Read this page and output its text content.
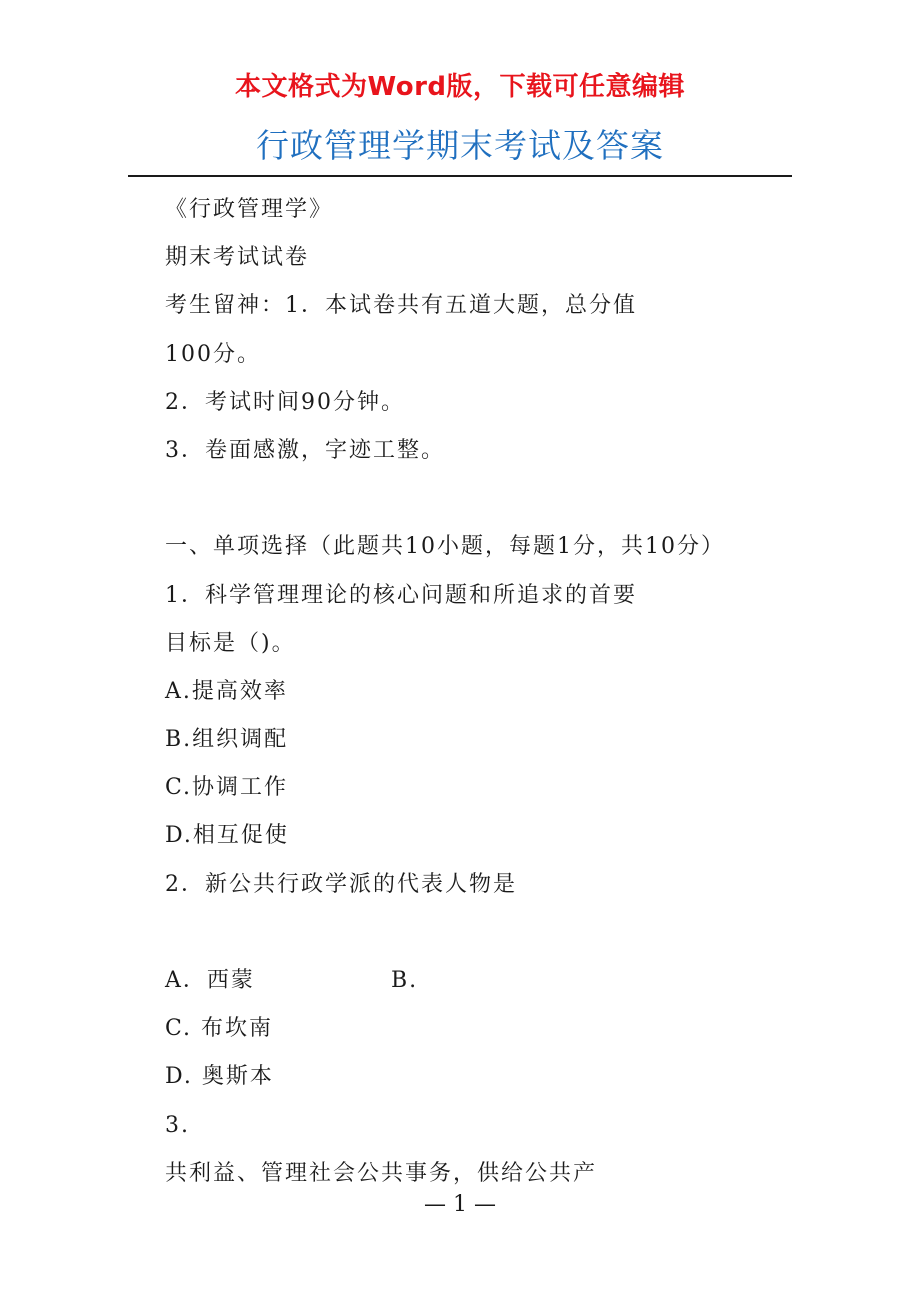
本文格式为Word版，下载可任意编辑
行政管理学期末考试及答案
《行政管理学》
期末考试试卷
考生留神：1．本试卷共有五道大题，总分值
100分。
2．考试时间90分钟。
3．卷面感激，字迹工整。
一、单项选择（此题共10小题，每题1分，共10分）
1．科学管理理论的核心问题和所追求的首要
目标是（)。
A.提高效率
B.组织调配
C.协调工作
D.相互促使
2．新公共行政学派的代表人物是
A．西蒙	B.
C. 布坎南
D. 奥斯本
3.
共利益、管理社会公共事务，供给公共产
— 1 —
